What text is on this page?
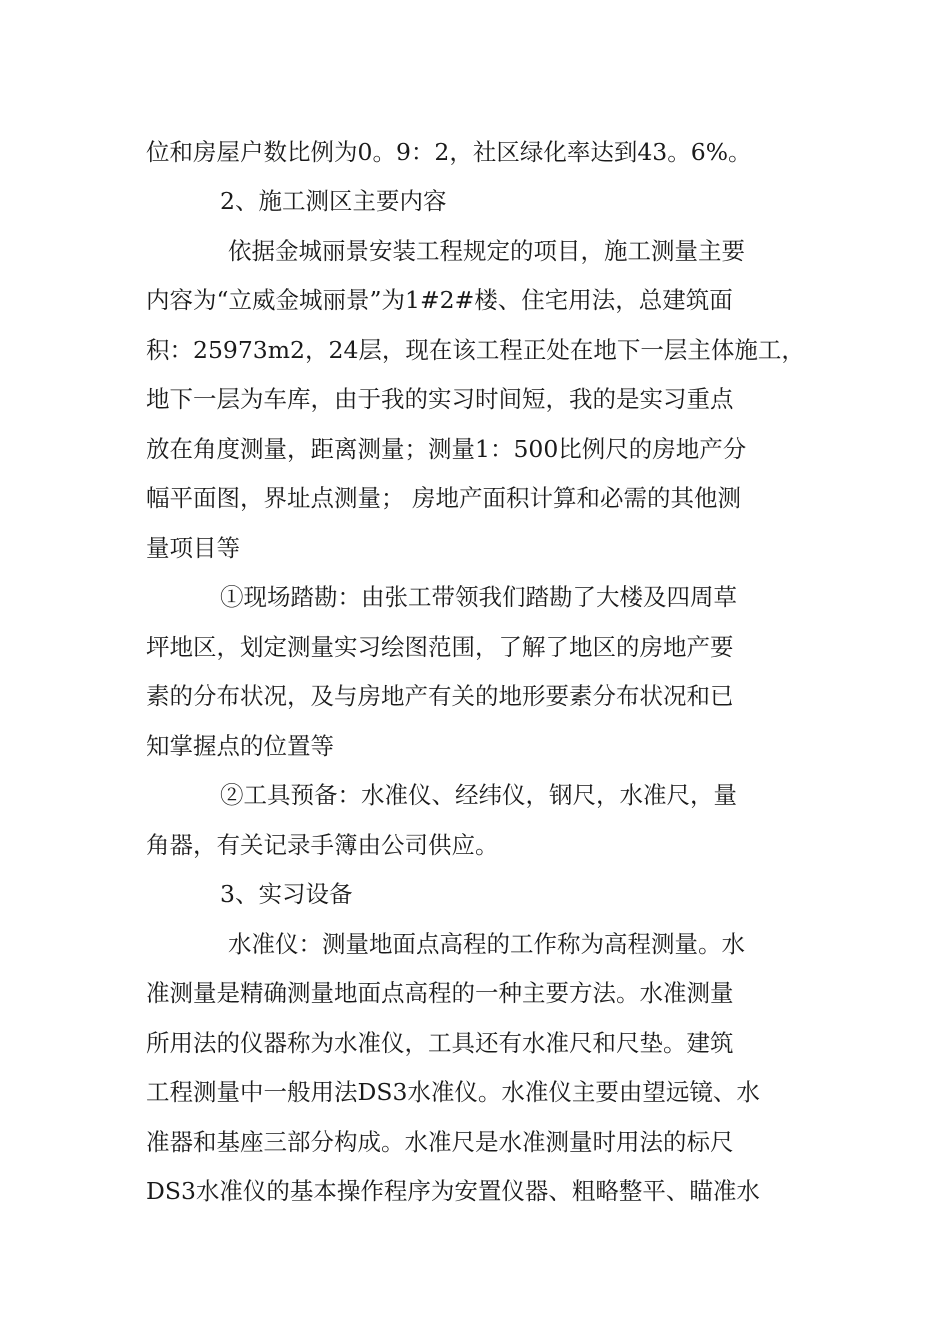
位和房屋户数比例为0。9：2，社区绿化率达到43。6%。
2、施工测区主要内容
依据金城丽景安装工程规定的项目，施工测量主要
内容为“立威金城丽景”为1#2#楼、住宅用法，总建筑面
积：25973m2，24层，现在该工程正处在地下一层主体施工，
地下一层为车库，由于我的实习时间短，我的是实习重点
放在角度测量，距离测量；测量1：500比例尺的房地产分
幅平面图，界址点测量； 房地产面积计算和必需的其他测
量项目等
①现场踏勘：由张工带领我们踏勘了大楼及四周草
坪地区，划定测量实习绘图范围，了解了地区的房地产要
素的分布状况，及与房地产有关的地形要素分布状况和已
知掌握点的位置等
②工具预备：水准仪、经纬仪，钢尺，水准尺，量
角器，有关记录手簿由公司供应。
3、实习设备
水准仪：测量地面点高程的工作称为高程测量。水
准测量是精确测量地面点高程的一种主要方法。水准测量
所用法的仪器称为水准仪，工具还有水准尺和尺垫。建筑
工程测量中一般用法DS3水准仪。水准仪主要由望远镜、水
准器和基座三部分构成。水准尺是水准测量时用法的标尺
DS3水准仪的基本操作程序为安置仪器、粗略整平、瞄准水
